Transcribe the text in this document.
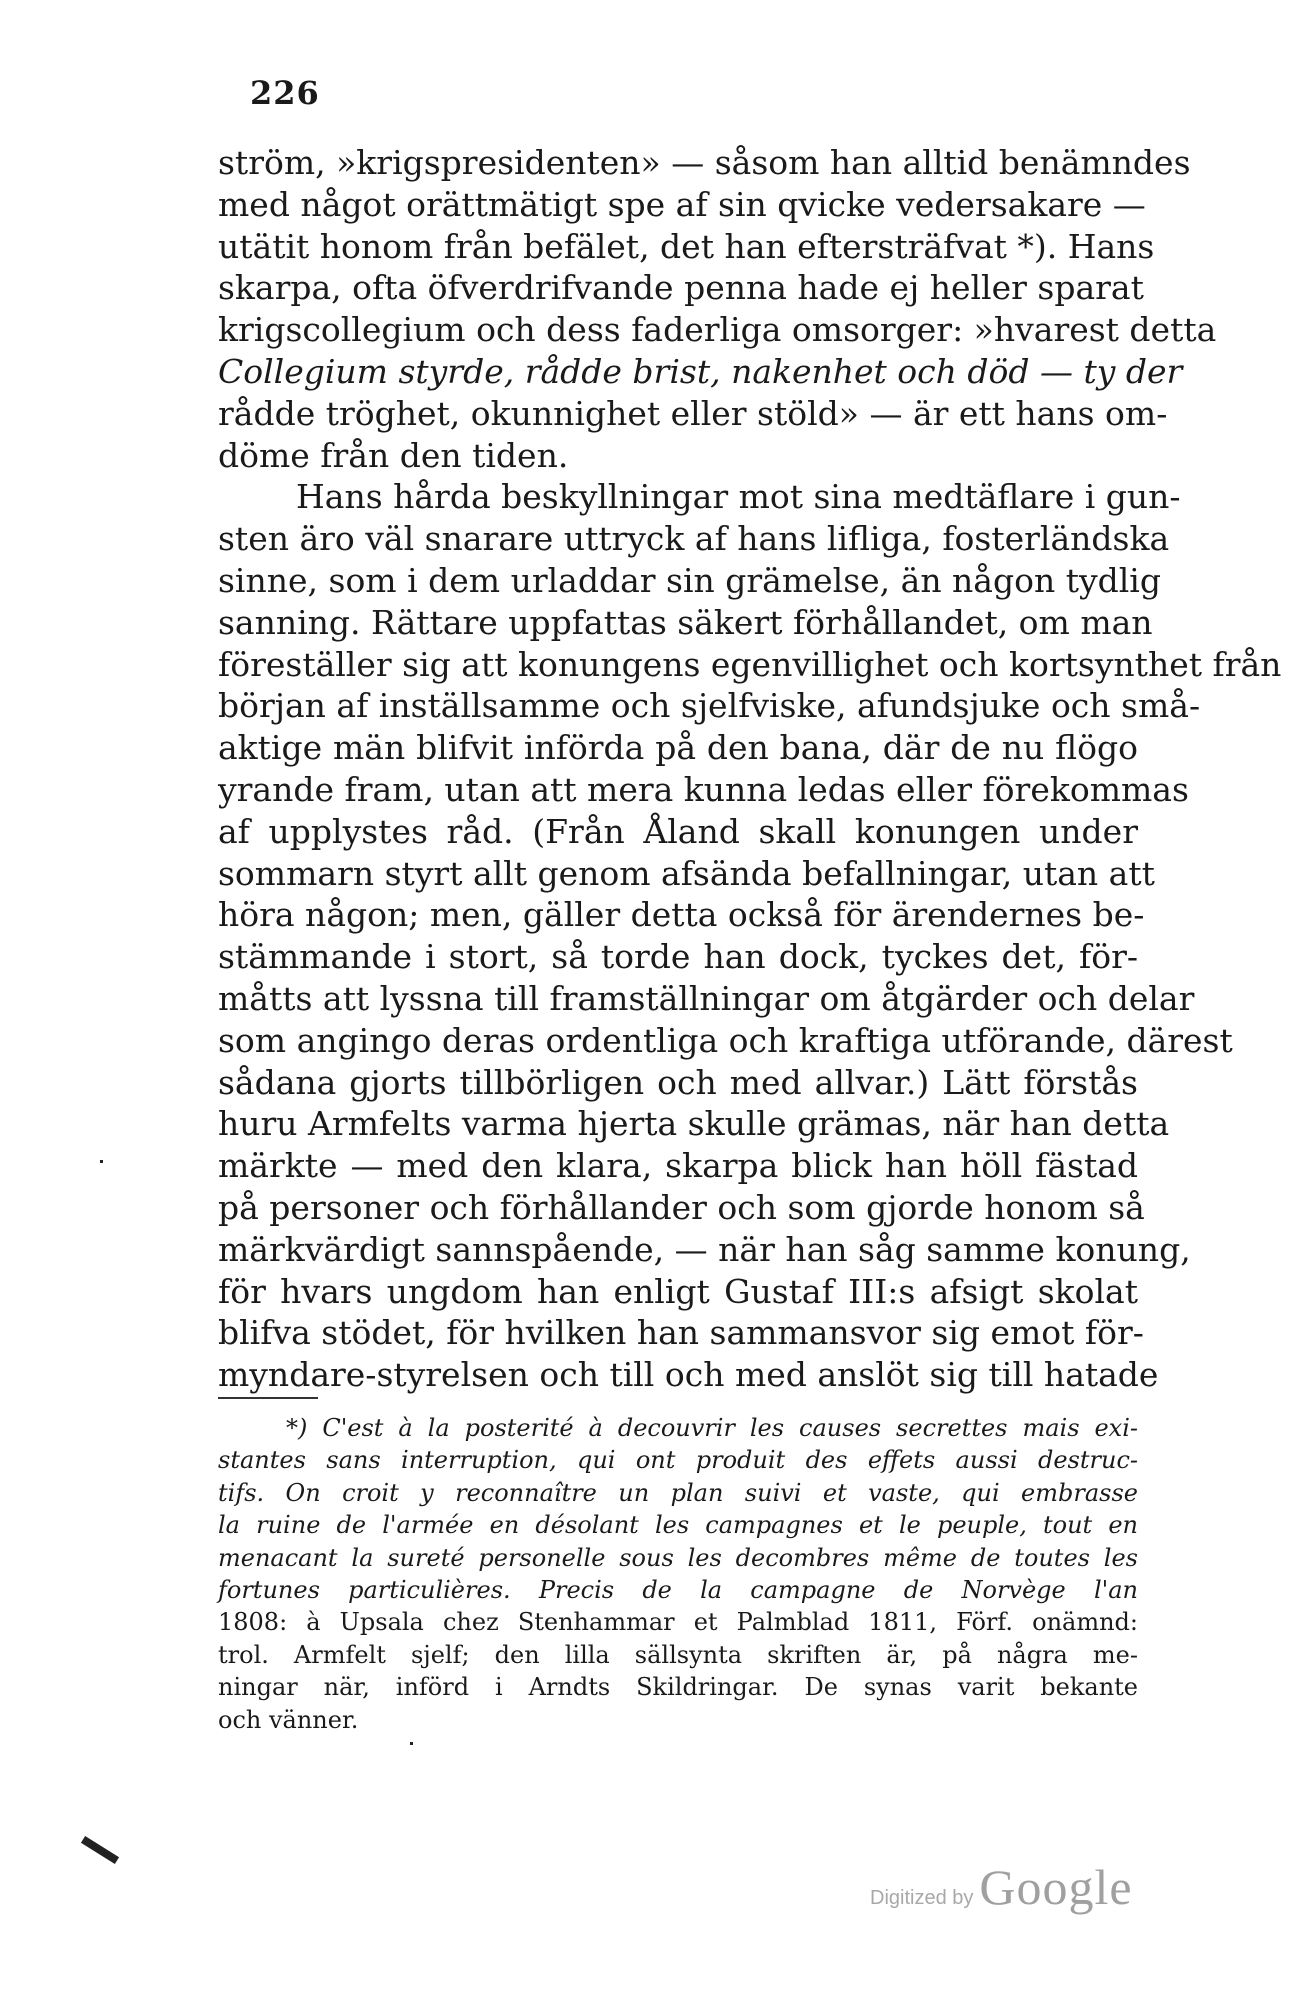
226
ström, »krigspresidenten» — såsom han alltid benämndes
med något orättmätigt spe af sin qvicke vedersakare —
utätit honom från befälet, det han eftersträfvat *). Hans
skarpa, ofta öfverdrifvande penna hade ej heller sparat
krigscollegium och dess faderliga omsorger: »hvarest detta
Collegium styrde, rådde brist, nakenhet och död — ty der
rådde tröghet, okunnighet eller stöld» — är ett hans om-
döme från den tiden.
Hans hårda beskyllningar mot sina medtäflare i gun-
sten äro väl snarare uttryck af hans lifliga, fosterländska
sinne, som i dem urladdar sin grämelse, än någon tydlig
sanning. Rättare uppfattas säkert förhållandet, om man
föreställer sig att konungens egenvillighet och kortsynthet från
början af inställsamme och sjelfviske, afundsjuke och små-
aktige män blifvit införda på den bana, där de nu flögo
yrande fram, utan att mera kunna ledas eller förekommas
af upplystes råd. (Från Åland skall konungen under
sommarn styrt allt genom afsända befallningar, utan att
höra någon; men, gäller detta också för ärendernes be-
stämmande i stort, så torde han dock, tyckes det, för-
måtts att lyssna till framställningar om åtgärder och delar
som angingo deras ordentliga och kraftiga utförande, därest
sådana gjorts tillbörligen och med allvar.) Lätt förstås
huru Armfelts varma hjerta skulle grämas, när han detta
märkte — med den klara, skarpa blick han höll fästad
på personer och förhållander och som gjorde honom så
märkvärdigt sannspående, — när han såg samme konung,
för hvars ungdom han enligt Gustaf III:s afsigt skolat
blifva stödet, för hvilken han sammansvor sig emot för-
myndare-styrelsen och till och med anslöt sig till hatade
*) C'est à la posterité à decouvrir les causes secrettes mais exi-
stantes sans interruption, qui ont produit des effets aussi destruc-
tifs. On croit y reconnaître un plan suivi et vaste, qui embrasse
la ruine de l'armée en désolant les campagnes et le peuple, tout en
menacant la sureté personelle sous les decombres même de toutes les
fortunes particulières. Precis de la campagne de Norvège l'an
1808: à Upsala chez Stenhammar et Palmblad 1811, Förf. onämnd:
trol. Armfelt sjelf; den lilla sällsynta skriften är, på några me-
ningar när, införd i Arndts Skildringar. De synas varit bekante
och vänner.
Digitized by Google
